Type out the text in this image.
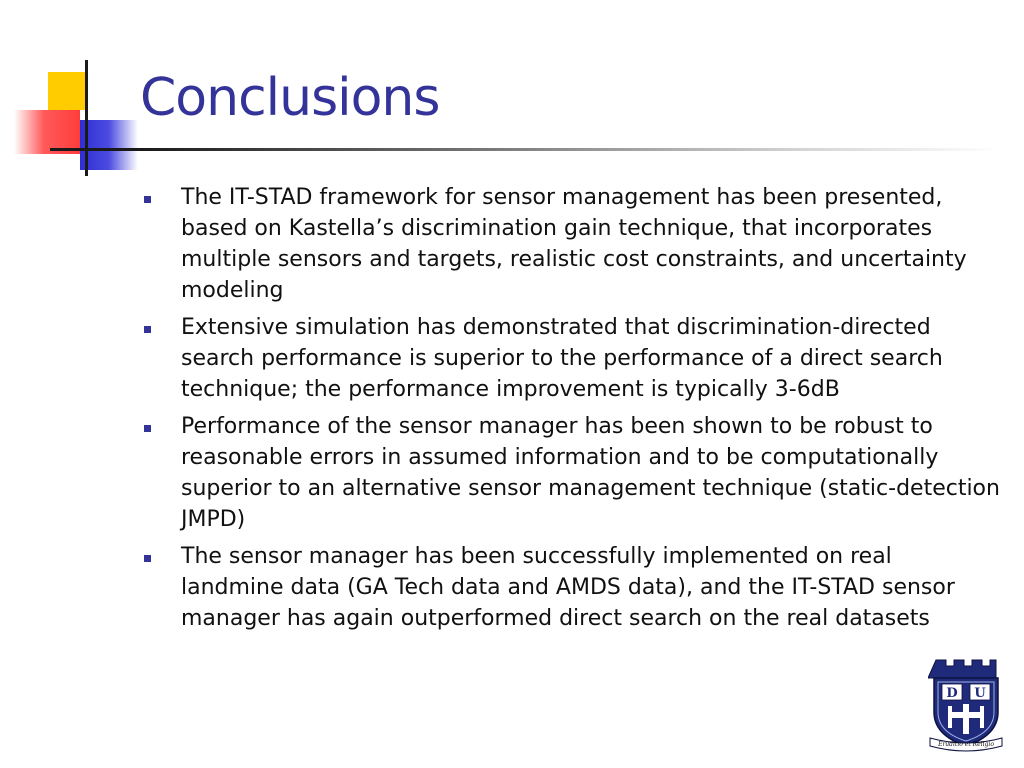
Conclusions
The IT-STAD framework for sensor management has been presented, based on Kastella’s discrimination gain technique, that incorporates multiple sensors and targets, realistic cost constraints, and uncertainty modeling
Extensive simulation has demonstrated that discrimination-directed search performance is superior to the performance of a direct search technique; the performance improvement is typically 3-6dB
Performance of the sensor manager has been shown to be robust to reasonable errors in assumed information and to be computationally superior to an alternative sensor management technique (static-detection JMPD)
The sensor manager has been successfully implemented on real landmine data (GA Tech data and AMDS data), and the IT-STAD sensor manager has again outperformed direct search on the real datasets
D U
Eruditio et Religio
